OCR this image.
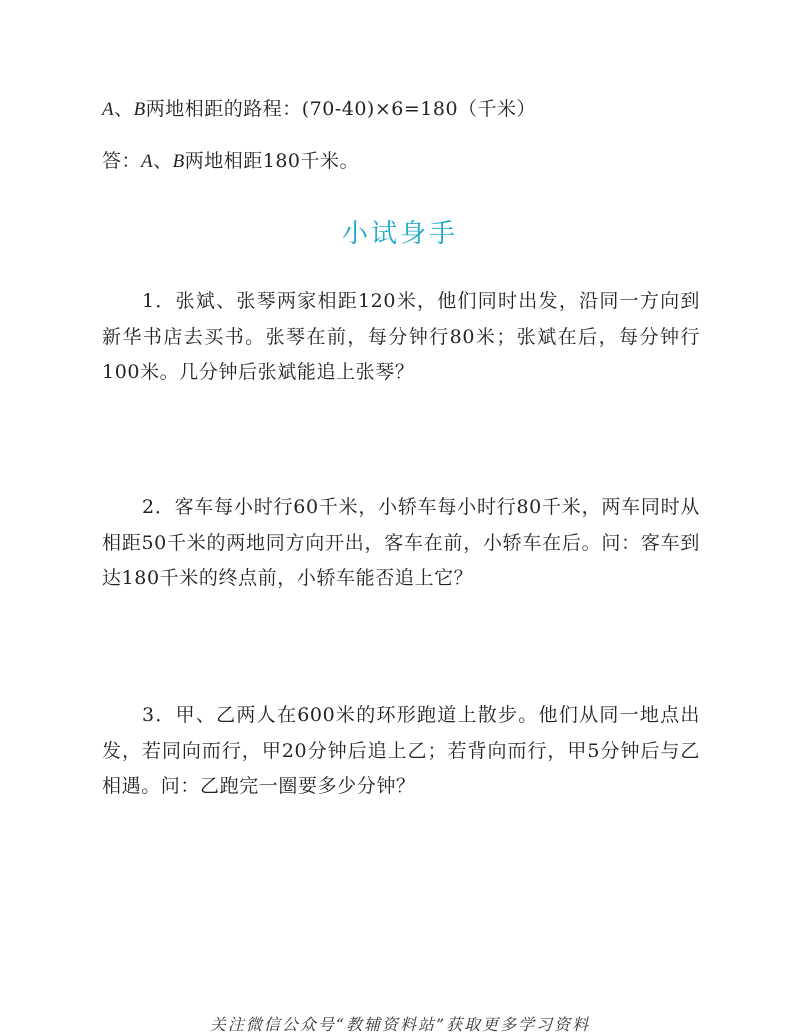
A、B两地相距的路程：(70-40)×6=180（千米）
答：A、B两地相距180千米。
小试身手
1．张斌、张琴两家相距120米，他们同时出发，沿同一方向到新华书店去买书。张琴在前，每分钟行80米；张斌在后，每分钟行100米。几分钟后张斌能追上张琴？
2．客车每小时行60千米，小轿车每小时行80千米，两车同时从相距50千米的两地同方向开出，客车在前，小轿车在后。问：客车到达180千米的终点前，小轿车能否追上它？
3．甲、乙两人在600米的环形跑道上散步。他们从同一地点出发，若同向而行，甲20分钟后追上乙；若背向而行，甲5分钟后与乙相遇。问：乙跑完一圈要多少分钟？
关注微信公众号“教辅资料站”获取更多学习资料
